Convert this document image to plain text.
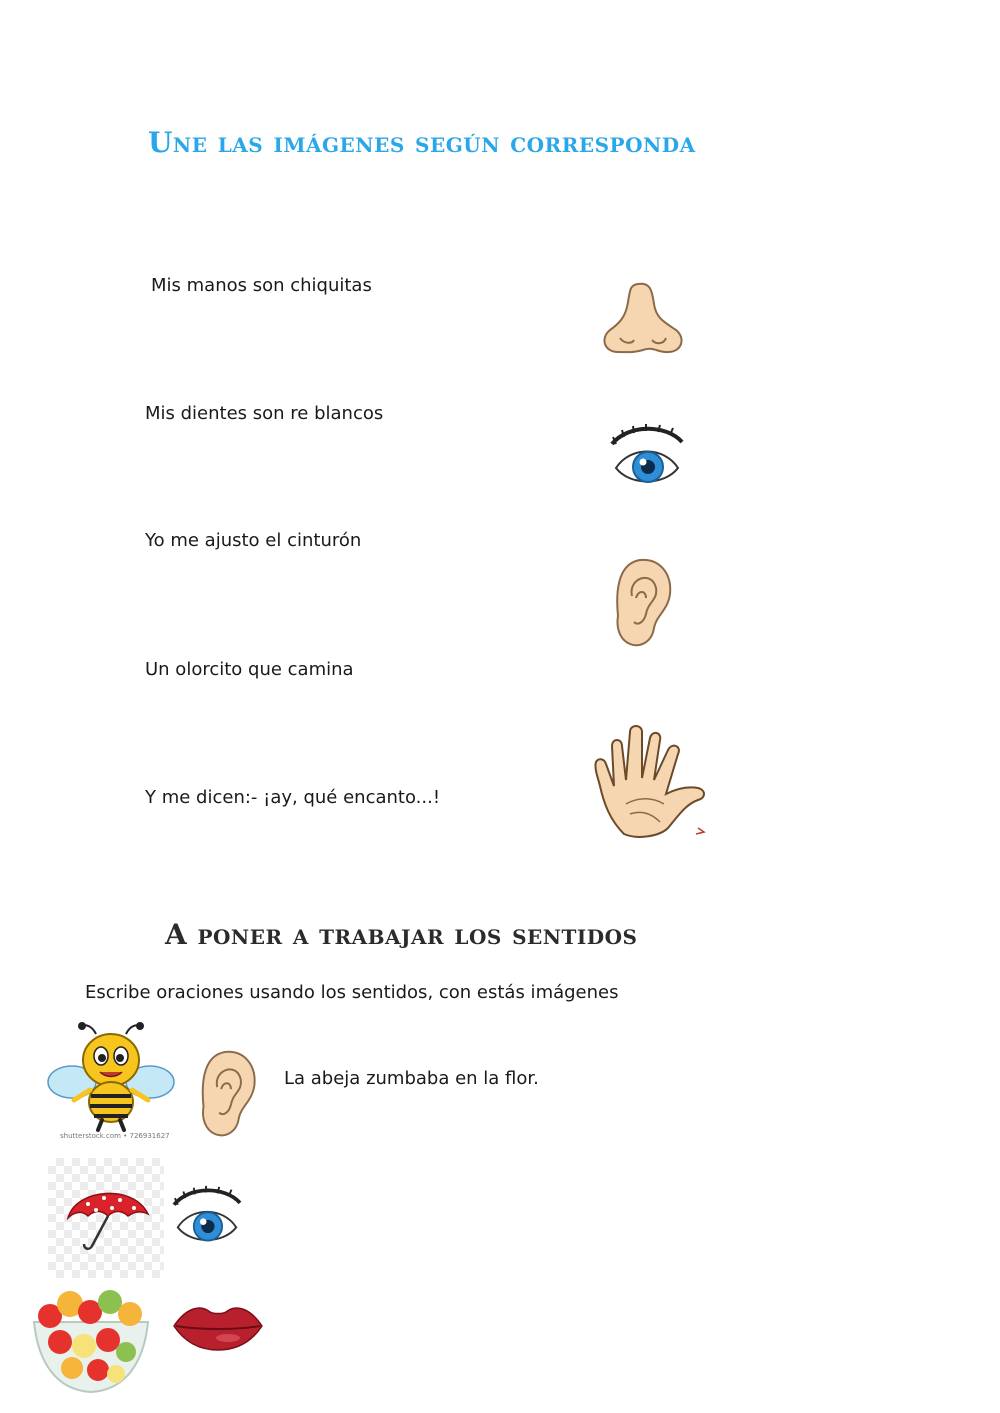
Une las imágenes según corresponda
Mis manos son chiquitas
Mis dientes son re blancos
Yo me ajusto el cinturón
Un olorcito que camina
Y me dicen:- ¡ay, qué encanto...!
A poner a trabajar los sentidos
Escribe oraciones usando los sentidos, con estás imágenes
shutterstock.com • 726931627
La abeja zumbaba en la flor.
